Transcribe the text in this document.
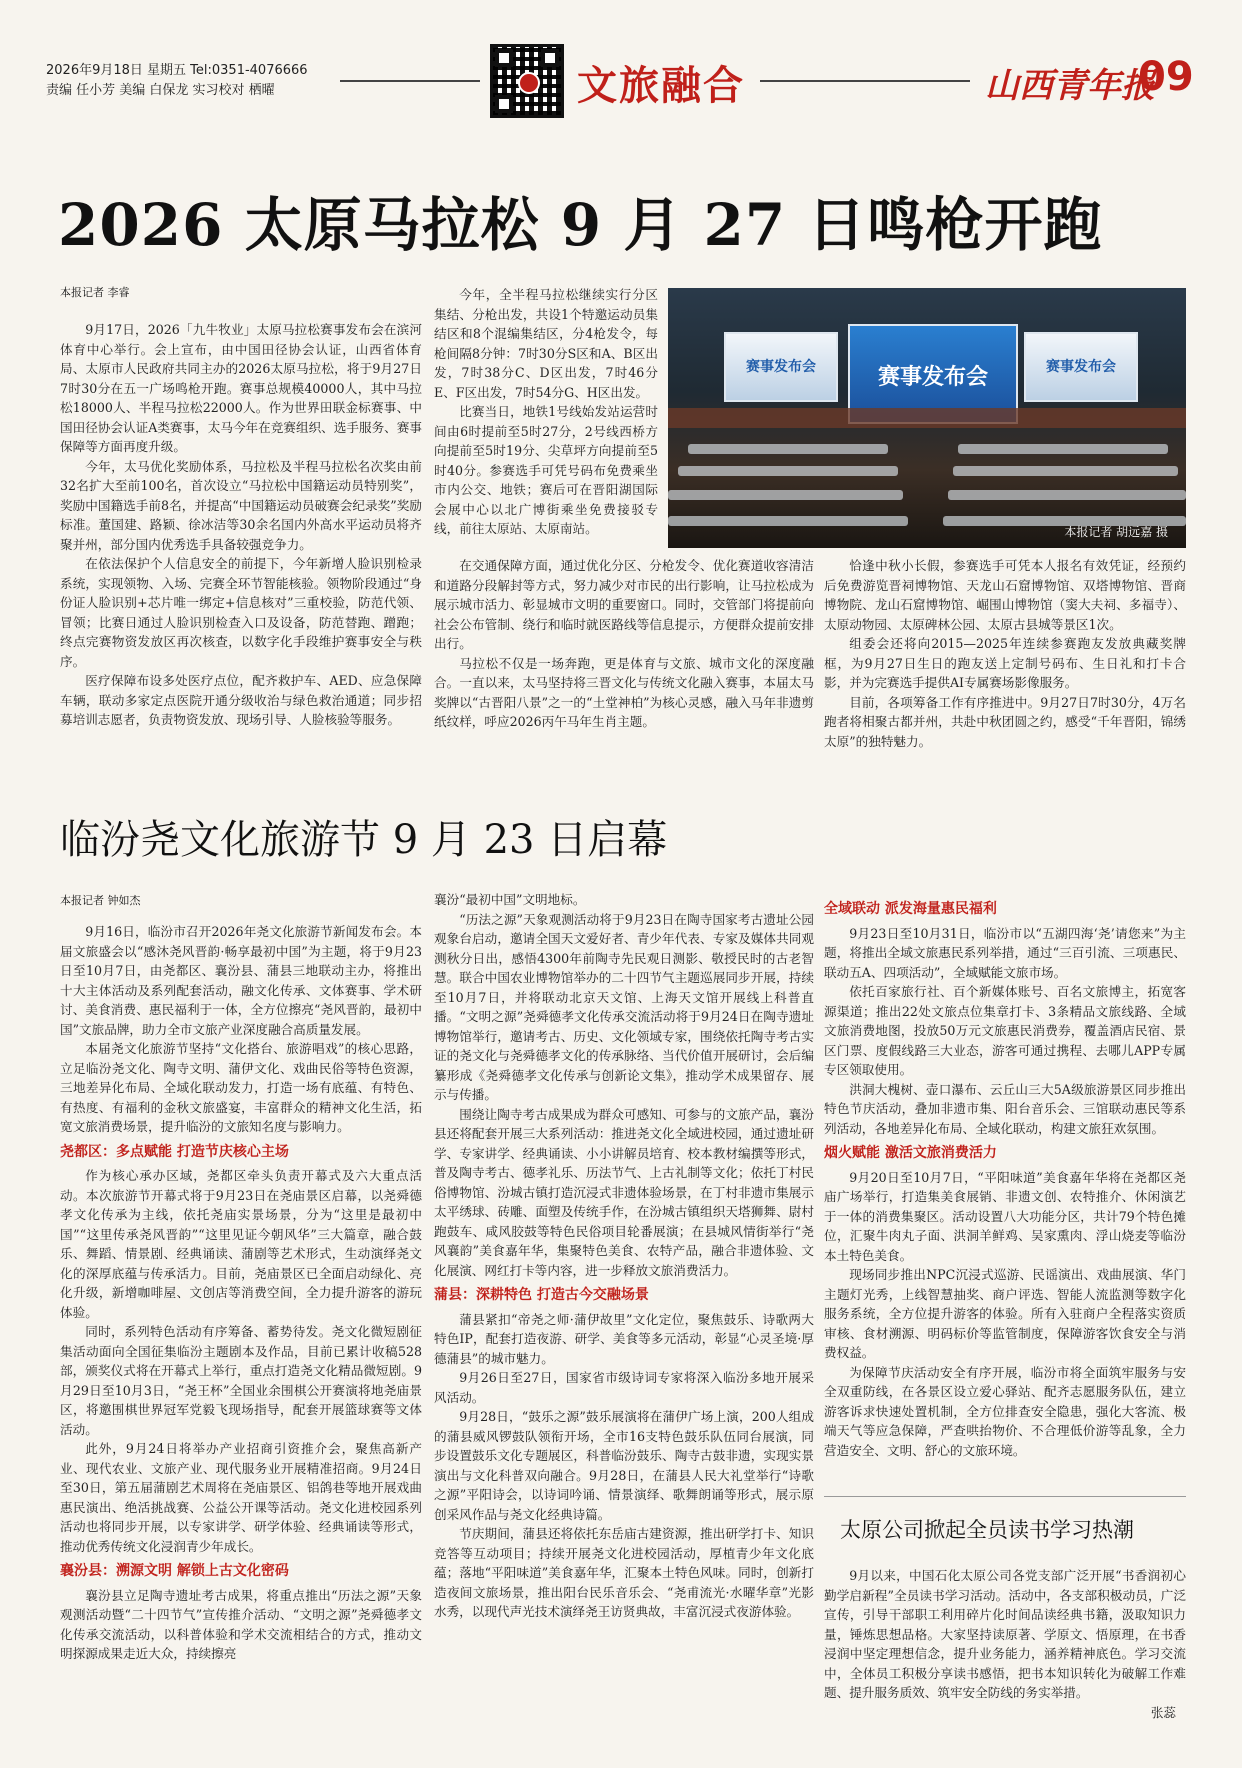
2026年9月18日 星期五 Tel:0351-4076666
责编 任小芳 美编 白保龙 实习校对 栖曜	文旅融合	山西青年报
09
2026 太原马拉松 9 月 27 日鸣枪开跑
本报记者 李睿

9月17日，2026「九牛牧业」太原马拉松赛事发布会在滨河体育中心举行。会上宣布，由中国田径协会认证，山西省体育局、太原市人民政府共同主办的2026太原马拉松，将于9月27日7时30分在五一广场鸣枪开跑。赛事总规模40000人，其中马拉松18000人、半程马拉松22000人。作为世界田联金标赛事、中国田径协会认证A类赛事，太马今年在竞赛组织、选手服务、赛事保障等方面再度升级。

今年，太马优化奖励体系，马拉松及半程马拉松名次奖由前32名扩大至前100名，首次设立“马拉松中国籍运动员特别奖”，奖励中国籍选手前8名，并提高“中国籍运动员破赛会纪录奖”奖励标准。董国建、路颖、徐冰洁等30余名国内外高水平运动员将齐聚并州，部分国内优秀选手具备较强竞争力。

在依法保护个人信息安全的前提下，今年新增人脸识别检录系统，实现领物、入场、完赛全环节智能核验。领物阶段通过“身份证人脸识别+芯片唯一绑定+信息核对”三重校验，防范代领、冒领；比赛日通过人脸识别检查入口及设备，防范替跑、蹭跑；终点完赛物资发放区再次核查，以数字化手段维护赛事安全与秩序。

医疗保障布设多处医疗点位，配齐救护车、AED、应急保障车辆，联动多家定点医院开通分级收治与绿色救治通道；同步招募培训志愿者，负责物资发放、现场引导、人脸核验等服务。

今年，全半程马拉松继续实行分区集结、分枪出发，共设1个特邀运动员集结区和8个混编集结区，分4枪发令，每枪间隔8分钟：7时30分S区和A、B区出发，7时38分C、D区出发，7时46分E、F区出发，7时54分G、H区出发。

比赛当日，地铁1号线始发站运营时间由6时提前至5时27分，2号线西桥方向提前至5时19分、尖草坪方向提前至5时40分。参赛选手可凭号码布免费乘坐市内公交、地铁；赛后可在晋阳湖国际会展中心以北广博街乘坐免费接驳专线，前往太原站、太原南站。

在交通保障方面，通过优化分区、分枪发令、优化赛道收容清洁和道路分段解封等方式，努力减少对市民的出行影响，让马拉松成为展示城市活力、彰显城市文明的重要窗口。同时，交管部门将提前向社会公布管制、绕行和临时就医路线等信息提示，方便群众提前安排出行。

马拉松不仅是一场奔跑，更是体育与文旅、城市文化的深度融合。一直以来，太马坚持将三晋文化与传统文化融入赛事，本届太马奖牌以“古晋阳八景”之一的“土堂神柏”为核心灵感，融入马年非遗剪纸纹样，呼应2026丙午马年生肖主题。

赛事发布会	赛事发布会	赛事发布会
本报记者 胡远嘉 摄

恰逢中秋小长假，参赛选手可凭本人报名有效凭证，经预约后免费游览晋祠博物馆、天龙山石窟博物馆、双塔博物馆、晋商博物院、龙山石窟博物馆、崛围山博物馆（窦大夫祠、多福寺）、太原动物园、太原碑林公园、太原古县城等景区1次。

组委会还将向2015—2025年连续参赛跑友发放典藏奖牌框，为9月27日生日的跑友送上定制号码布、生日礼和打卡合影，并为完赛选手提供AI专属赛场影像服务。

目前，各项筹备工作有序推进中。9月27日7时30分，4万名跑者将相聚古都并州，共赴中秋团圆之约，感受“千年晋阳，锦绣太原”的独特魅力。

临汾尧文化旅游节 9 月 23 日启幕
本报记者 钟如杰

9月16日，临汾市召开2026年尧文化旅游节新闻发布会。本届文旅盛会以“感沐尧风晋韵·畅享最初中国”为主题，将于9月23日至10月7日，由尧都区、襄汾县、蒲县三地联动主办，将推出十大主体活动及系列配套活动，融文化传承、文体赛事、学术研讨、美食消费、惠民福利于一体，全方位擦亮“尧风晋韵，最初中国”文旅品牌，助力全市文旅产业深度融合高质量发展。

本届尧文化旅游节坚持“文化搭台、旅游唱戏”的核心思路，立足临汾尧文化、陶寺文明、蒲伊文化、戏曲民俗等特色资源，三地差异化布局、全域化联动发力，打造一场有底蕴、有特色、有热度、有福利的金秋文旅盛宴，丰富群众的精神文化生活，拓宽文旅消费场景，提升临汾的文旅知名度与影响力。

尧都区：多点赋能 打造节庆核心主场

作为核心承办区域，尧都区牵头负责开幕式及六大重点活动。本次旅游节开幕式将于9月23日在尧庙景区启幕，以尧舜德孝文化传承为主线，依托尧庙实景场景，分为“这里是最初中国”“这里传承尧风晋韵”“这里见证今朝风华”三大篇章，融合鼓乐、舞蹈、情景剧、经典诵读、蒲剧等艺术形式，生动演绎尧文化的深厚底蕴与传承活力。目前，尧庙景区已全面启动绿化、亮化升级，新增咖啡屋、文创店等消费空间，全力提升游客的游玩体验。

同时，系列特色活动有序筹备、蓄势待发。尧文化微短剧征集活动面向全国征集临汾主题剧本及作品，目前已累计收稿528部，颁奖仪式将在开幕式上举行，重点打造尧文化精品微短剧。9月29日至10月3日，“尧王杯”全国业余围棋公开赛演将地尧庙景区，将邀围棋世界冠军党毅飞现场指导，配套开展篮球赛等文体活动。

此外，9月24日将举办产业招商引资推介会，聚焦高新产业、现代农业、文旅产业、现代服务业开展精准招商。9月24日至30日，第五届蒲剧艺术周将在尧庙景区、铝鸽巷等地开展戏曲惠民演出、绝活挑战赛、公益公开课等活动。尧文化进校园系列活动也将同步开展，以专家讲学、研学体验、经典诵读等形式，推动优秀传统文化浸润青少年成长。

襄汾县：溯源文明 解锁上古文化密码

襄汾县立足陶寺遗址考古成果，将重点推出“历法之源”天象观测活动暨“二十四节气”宣传推介活动、“文明之源”尧舜德孝文化传承交流活动，以科普体验和学术交流相结合的方式，推动文明探源成果走近大众，持续擦亮

襄汾“最初中国”文明地标。

“历法之源”天象观测活动将于9月23日在陶寺国家考古遗址公园观象台启动，邀请全国天文爱好者、青少年代表、专家及媒体共同观测秋分日出，感悟4300年前陶寺先民观日测影、敬授民时的古老智慧。联合中国农业博物馆举办的二十四节气主题巡展同步开展，持续至10月7日，并将联动北京天文馆、上海天文馆开展线上科普直播。“文明之源”尧舜德孝文化传承交流活动将于9月24日在陶寺遗址博物馆举行，邀请考古、历史、文化领域专家，围绕依托陶寺考古实证的尧文化与尧舜德孝文化的传承脉络、当代价值开展研讨，会后编纂形成《尧舜德孝文化传承与创新论文集》，推动学术成果留存、展示与传播。

围绕让陶寺考古成果成为群众可感知、可参与的文旅产品，襄汾县还将配套开展三大系列活动：推进尧文化全域进校园，通过遗址研学、专家讲学、经典诵读、小小讲解员培育、校本教材编撰等形式，普及陶寺考古、德孝礼乐、历法节气、上古礼制等文化；依托丁村民俗博物馆、汾城古镇打造沉浸式非遗体验场景，在丁村非遗市集展示太平绣球、砖雕、面塑及传统手作，在汾城古镇组织天塔狮舞、尉村跑鼓车、咸风胶鼓等特色民俗项目轮番展演；在县城风情街举行“尧风襄韵”美食嘉年华，集聚特色美食、农特产品，融合非遗体验、文化展演、网红打卡等内容，进一步释放文旅消费活力。

蒲县：深耕特色 打造古今交融场景

蒲县紧扣“帝尧之师·蒲伊故里”文化定位，聚焦鼓乐、诗歌两大特色IP，配套打造夜游、研学、美食等多元活动，彰显“心灵圣境·厚德蒲县”的城市魅力。

9月26日至27日，国家省市级诗词专家将深入临汾多地开展采风活动。

9月28日，“鼓乐之源”鼓乐展演将在蒲伊广场上演，200人组成的蒲县威风锣鼓队领衔开场，全市16支特色鼓乐队伍同台展演，同步设置鼓乐文化专题展区，科普临汾鼓乐、陶寺古鼓非遗，实现实景演出与文化科普双向融合。9月28日，在蒲县人民大礼堂举行“诗歌之源”平阳诗会，以诗词吟诵、情景演绎、歌舞朗诵等形式，展示原创采风作品与尧文化经典诗篇。

节庆期间，蒲县还将依托东岳庙古建资源，推出研学打卡、知识竞答等互动项目；持续开展尧文化进校园活动，厚植青少年文化底蕴；落地“平阳味道”美食嘉年华，汇聚本土特色风味。同时，创新打造夜间文旅场景，推出阳台民乐音乐会、“尧甫流光·水曜华章”光影水秀，以现代声光技术演绎尧王访贤典故，丰富沉浸式夜游体验。

全域联动 派发海量惠民福利

9月23日至10月31日，临汾市以“五湖四海‘尧’请您来”为主题，将推出全域文旅惠民系列举措，通过“三百引流、三项惠民、联动五A、四项活动”，全域赋能文旅市场。

依托百家旅行社、百个新媒体账号、百名文旅博主，拓宽客源渠道；推出22处文旅点位集章打卡、3条精品文旅线路、全域文旅消费地图，投放50万元文旅惠民消费券，覆盖酒店民宿、景区门票、度假线路三大业态，游客可通过携程、去哪儿APP专属专区领取使用。

洪洞大槐树、壶口瀑布、云丘山三大5A级旅游景区同步推出特色节庆活动，叠加非遗市集、阳台音乐会、三馆联动惠民等系列活动，各地差异化布局、全域化联动，构建文旅狂欢氛围。

烟火赋能 激活文旅消费活力

9月20日至10月7日，“平阳味道”美食嘉年华将在尧都区尧庙广场举行，打造集美食展销、非遗文创、农特推介、休闲演艺于一体的消费集聚区。活动设置八大功能分区，共计79个特色摊位，汇聚牛肉丸子面、洪洞羊鲜鸡、吴家熏肉、浮山烧麦等临汾本土特色美食。

现场同步推出NPC沉浸式巡游、民谣演出、戏曲展演、华门主题灯光秀，上线智慧抽奖、商户评选、智能人流监测等数字化服务系统，全方位提升游客的体验。所有入驻商户全程落实资质审核、食材溯源、明码标价等监管制度，保障游客饮食安全与消费权益。

为保障节庆活动安全有序开展，临汾市将全面筑牢服务与安全双重防线，在各景区设立爱心驿站、配齐志愿服务队伍，建立游客诉求快速处置机制，全方位排查安全隐患，强化大客流、极端天气等应急保障，严查哄抬物价、不合理低价游等乱象，全力营造安全、文明、舒心的文旅环境。

太原公司掀起全员读书学习热潮

9月以来，中国石化太原公司各党支部广泛开展“书香润初心 勤学启新程”全员读书学习活动。活动中，各支部积极动员，广泛宣传，引导干部职工利用碎片化时间品读经典书籍，汲取知识力量，锤炼思想品格。大家坚持读原著、学原文、悟原理，在书香浸润中坚定理想信念，提升业务能力，涵养精神底色。学习交流中，全体员工积极分享读书感悟，把书本知识转化为破解工作难题、提升服务质效、筑牢安全防线的务实举措。

张蕊
